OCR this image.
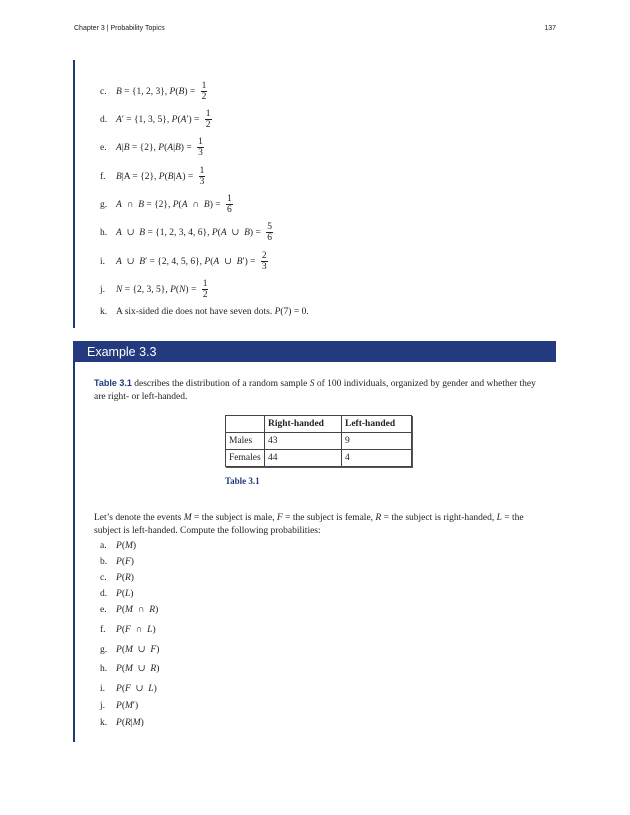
Chapter 3 | Probability Topics	137
c. B = {1, 2, 3}, P ( B ) = $\frac{1}{2}$
d. A ′ = {1, 3, 5}, P ( A ′) = $\frac{1}{2}$
e. A | B = {2}, P ( A | B ) = $\frac{1}{3}$
f.	B |A = {2}, P ( B $|A) = \frac{1}{3}$
g. A ∩ B = {2}, P ( A ∩ B ) = $\frac{1}{6}$
h. A ∪ B = {1, 2, 3, 4, 6}, P ( A ∪ B ) = $\frac{5}{6}$
i.	A ∪ B ′ = {2, 4, 5, 6}, P ( A ∪ B ′) = $\frac{2}{3}$
j.	N = {2, 3, 5}, P ( N ) = $\frac{1}{2}$
k. A six-sided die does not have seven dots. P (7) = 0.
Example 3.3
Table 3.1 describes the distribution of a random sample S of 100 individuals, organized by gender and whether they are right- or left-handed.
	Right-handed	Left-handed
Males	43	9
Females	44	4
Table 3.1
Let’s denote the events M = the subject is male, F = the subject is female, R = the subject is right-handed, L = the subject is left-handed. Compute the following probabilities:
a. P ( M )
b. P ( F )
c. P ( R )
d. P ( L )
e. P ( M ∩ R )
f.	P ( F ∩ L )
g. P ( M ∪ F )
h. P ( M ∪ R )
i.	P ( F ∪ L )
j.	P ( M ′)
k. P ( R | M )
